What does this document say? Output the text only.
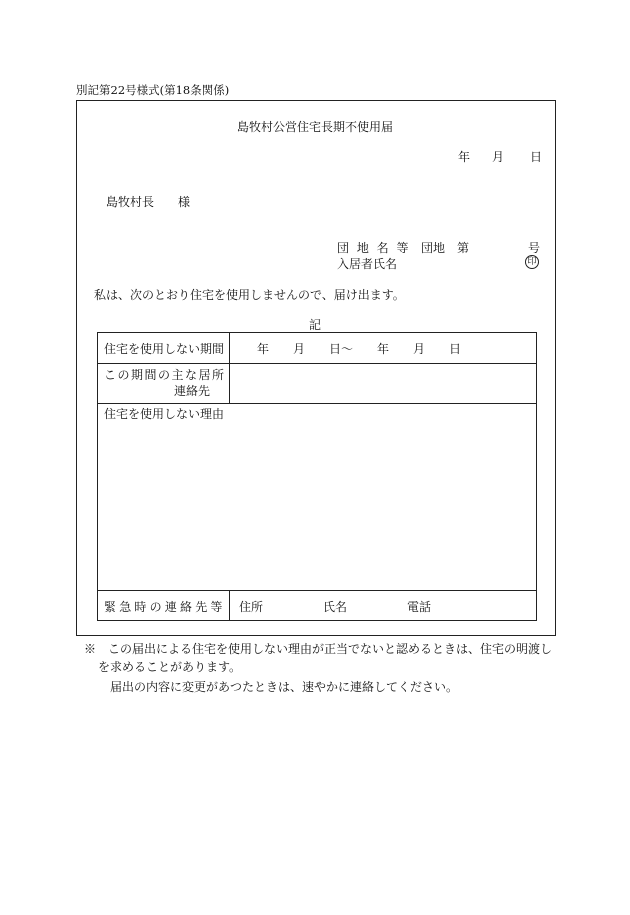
別記第22号様式(第18条関係)
島牧村公営住宅長期不使用届
年 月 日
島牧村長 様
団 地 名 等 団地 第	号
入居者氏名	印
私は、次のとおり住宅を使用しませんので、届け出ます。
記
住宅を使用しない期間	年　　月　　日～　　年　　月　　日
この期間の主な居所
連絡先
住宅を使用しない理由
緊急時の連絡先等 住所　　　　　氏名　　　　　電話
※　この届出による住宅を使用しない理由が正当でないと認めるときは、住宅の明渡し
を求めることがあります。
届出の内容に変更があつたときは、速やかに連絡してください。
